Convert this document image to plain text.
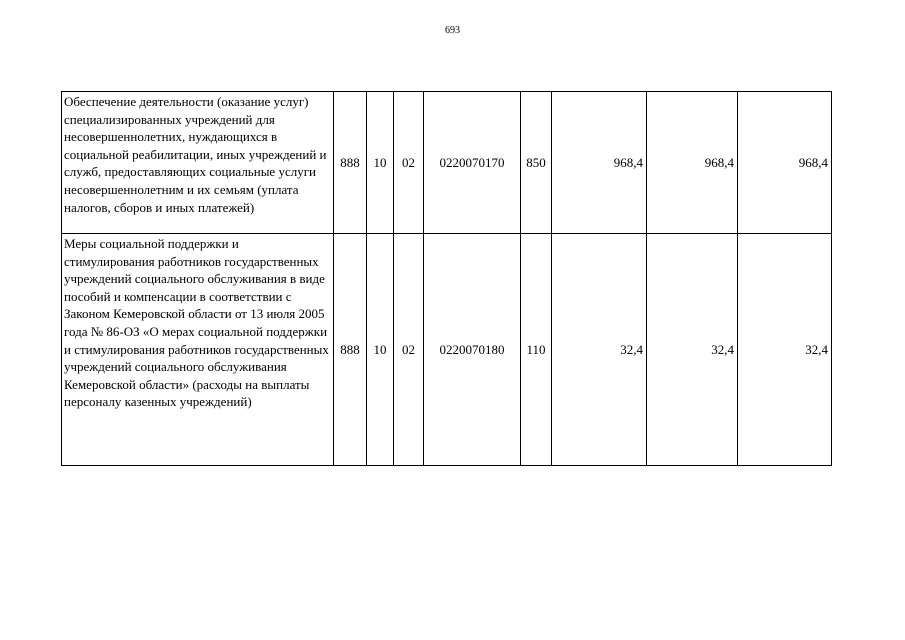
693
Обеспечение деятельности (оказание услуг) специализированных учреждений для несовершеннолетних, нуждающихся в социальной реабилитации, иных учреждений и служб, предоставляющих социальные услуги несовершеннолетним и их семьям (уплата налогов, сборов и иных платежей)	888	10	02	0220070170	850	968,4	968,4	968,4
Меры социальной поддержки и стимулирования работников государственных учреждений социального обслуживания в виде пособий и компенсации в соответствии с Законом Кемеровской области от 13 июля 2005 года № 86-ОЗ «О мерах социальной поддержки и стимулирования работников государственных учреждений социального обслуживания Кемеровской области» (расходы на выплаты персоналу казенных учреждений)	888	10	02	0220070180	110	32,4	32,4	32,4
